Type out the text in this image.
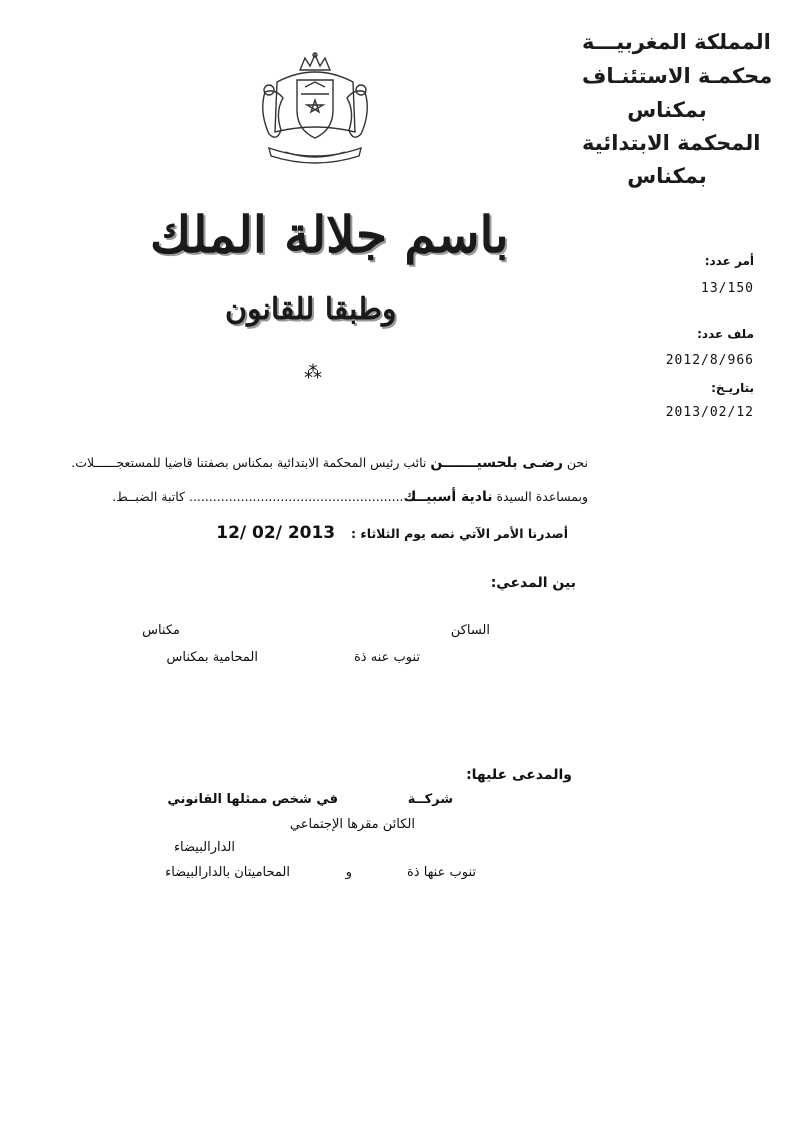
المملكة المغربيـــة
محكمـة الاستئنـاف
بمكناس
المحكمة الابتدائية
بمكناس
باسم جلالة الملك
وطبقا للقانون
⁂
أمر عدد:
13/150
ملف عدد:
2012/8/966
بتاريـخ:
2013/02/12
نحن رضـى بلحسيـــــــن نائب رئيس المحكمة الابتدائية بمكناس بصفتنا قاضيا للمستعجــــــلات.
وبمساعدة السيدة نادية أسبيــك...................................................... كاتبة الضبــط.
أصدرنا الأمر الآتي نصه يوم الثلاثاء :    12/ 02/ 2013
بين المدعي:
الساكن
مكناس
تنوب عنه ذة
المحامية بمكناس
والمدعى عليها:
شركــة
في شخص ممثلها القانوني
الكائن مقرها الإجتماعي
الدارالبيضاء
تنوب عنها ذة
و
المحاميتان بالدارالبيضاء
